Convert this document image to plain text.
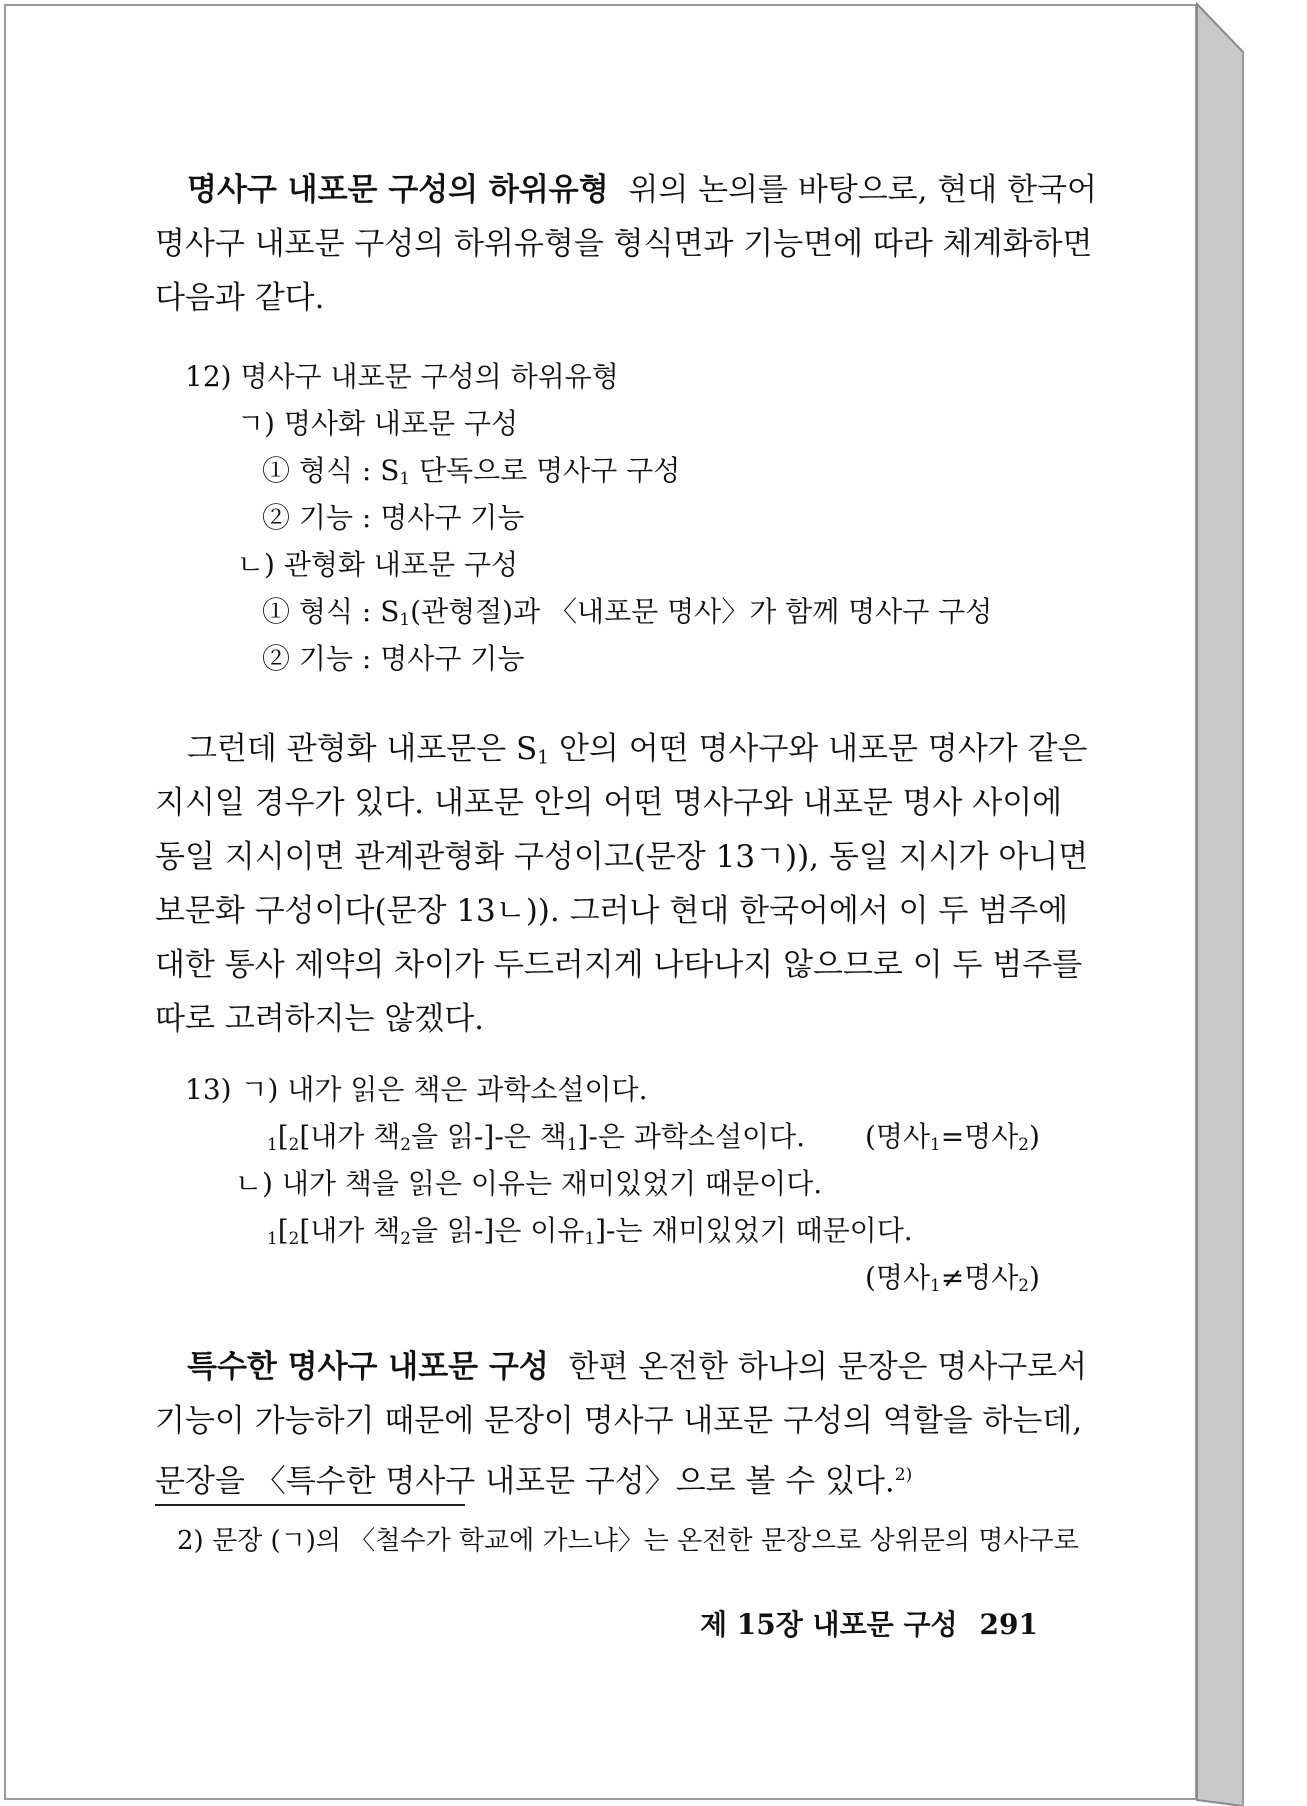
명사구 내포문 구성의 하위유형 위의 논의를 바탕으로, 현대 한국어
명사구 내포문 구성의 하위유형을 형식면과 기능면에 따라 체계화하면
다음과 같다.
12) 명사구 내포문 구성의 하위유형
ㄱ) 명사화 내포문 구성
① 형식 : $S_1$ 단독으로 명사구 구성
② 기능 : 명사구 기능
ㄴ) 관형화 내포문 구성
① 형식 : $S_1$(관형절)과 〈내포문 명사〉가 함께 명사구 구성
② 기능 : 명사구 기능
그런데 관형화 내포문은 $S_1$ 안의 어떤 명사구와 내포문 명사가 같은
지시일 경우가 있다. 내포문 안의 어떤 명사구와 내포문 명사 사이에
동일 지시이면 관계관형화 구성이고(문장 13ㄱ)), 동일 지시가 아니면
보문화 구성이다(문장 13ㄴ)). 그러나 현대 한국어에서 이 두 범주에
대한 통사 제약의 차이가 두드러지게 나타나지 않으므로 이 두 범주를
따로 고려하지는 않겠다.
13) ㄱ) 내가 읽은 책은 과학소설이다.
1[2[내가 책$_2$을 읽-]-은 책$_1$]-은 과학소설이다. (명사$_1$=명사$_2$)
ㄴ) 내가 책을 읽은 이유는 재미있었기 때문이다.
1[2[내가 책$_2$을 읽-]은 이유$_1$]-는 재미있었기 때문이다.
(명사$_1$≠명사$_2$)
특수한 명사구 내포문 구성 한편 온전한 하나의 문장은 명사구로서
기능이 가능하기 때문에 문장이 명사구 내포문 구성의 역할을 하는데,
문장을 〈특수한 명사구 내포문 구성〉으로 볼 수 있다.$^{2)}$
2) 문장 (ㄱ)의 〈철수가 학교에 가느냐〉는 온전한 문장으로 상위문의 명사구로
제 15장 내포문 구성 291
